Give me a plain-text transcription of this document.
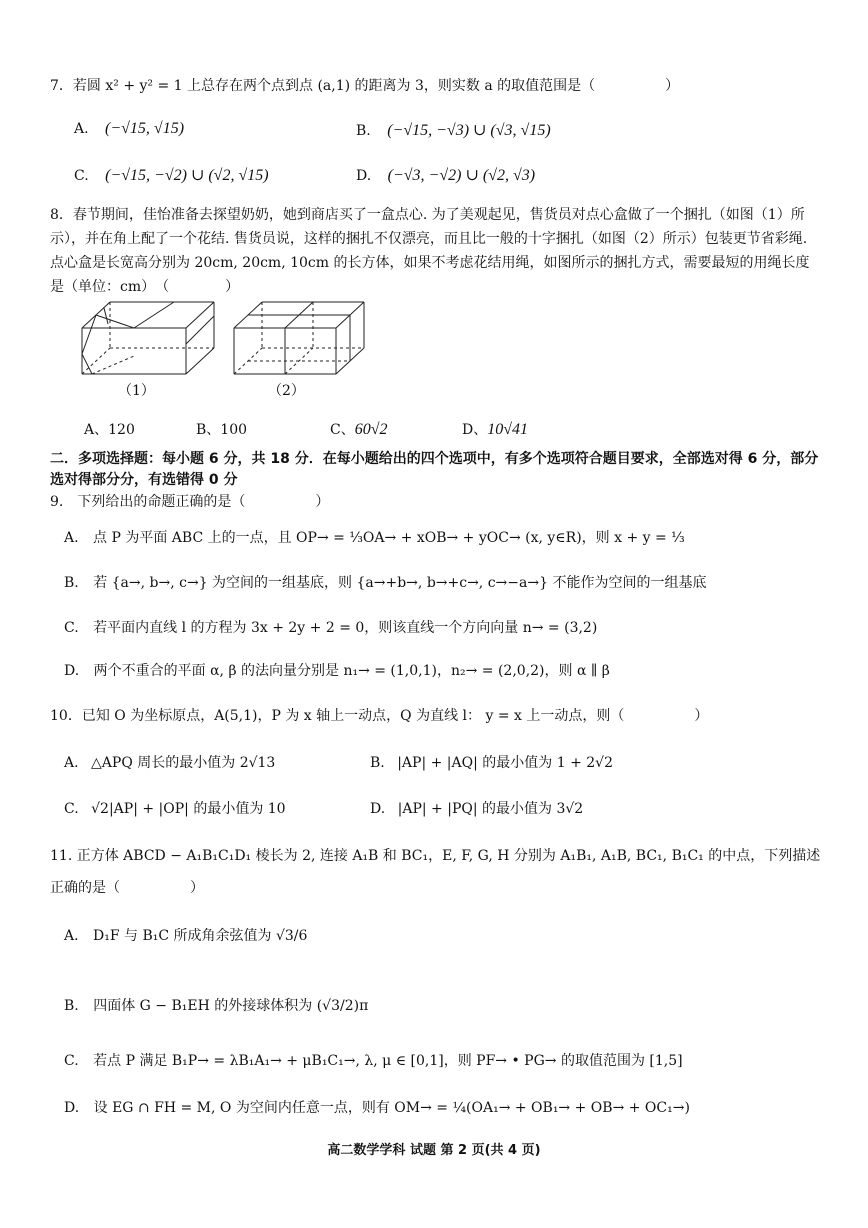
7．若圆 x² + y² = 1 上总存在两个点到点 (a,1) 的距离为 3，则实数 a 的取值范围是（　　　　　）
A. (−√15, √15)	B. (−√15, −√3) ∪ (√3, √15)
C. (−√15, −√2) ∪ (√2, √15)	D. (−√3, −√2) ∪ (√2, √3)
8．春节期间，佳怡准备去探望奶奶，她到商店买了一盒点心. 为了美观起见，售货员对点心盒做了一个捆扎（如图（1）所示），并在角上配了一个花结. 售货员说，这样的捆扎不仅漂亮，而且比一般的十字捆扎（如图（2）所示）包装更节省彩绳. 点心盒是长宽高分别为 20cm, 20cm, 10cm 的长方体，如果不考虑花结用绳，如图所示的捆扎方式，需要最短的用绳长度是（单位：cm）　（　　　　）
（1）	（2）
A、120	B、100	C、60√2	D、10√41
二．多项选择题：每小题 6 分，共 18 分．在每小题给出的四个选项中，有多个选项符合题目要求，全部选对得 6 分，部分选对得部分分，有选错得 0 分
9.　下列给出的命题正确的是（　　　　　）
A. 点 P 为平面 ABC 上的一点，且 OP→ = ⅓OA→ + xOB→ + yOC→ (x, y∈R)，则 x + y = ⅓
B. 若 {a→, b→, c→} 为空间的一组基底，则 {a→+b→, b→+c→, c→−a→} 不能作为空间的一组基底
C. 若平面内直线 l 的方程为 3x + 2y + 2 = 0，则该直线一个方向向量 n→ = (3,2)
D. 两个不重合的平面 α, β 的法向量分别是 n₁→ = (1,0,1)，n₂→ = (2,0,2)，则 α ∥ β
10．已知 O 为坐标原点，A(5,1)，P 为 x 轴上一动点，Q 为直线 l： y = x 上一动点，则（　　　　　）
A. △APQ 周长的最小值为 2√13	B. |AP| + |AQ| 的最小值为 1 + 2√2
C. √2|AP| + |OP| 的最小值为 10	D. |AP| + |PQ| 的最小值为 3√2
11. 正方体 ABCD − A₁B₁C₁D₁ 棱长为 2, 连接 A₁B 和 BC₁，E, F, G, H 分别为 A₁B₁, A₁B, BC₁, B₁C₁ 的中点，下列描述
正确的是（　　　　　）
A. D₁F 与 B₁C 所成角余弦值为 √3/6
B. 四面体 G − B₁EH 的外接球体积为 (√3/2)π
C. 若点 P 满足 B₁P→ = λB₁A₁→ + μB₁C₁→, λ, μ ∈ [0,1]，则 PF→ • PG→ 的取值范围为 [1,5]
D. 设 EG ∩ FH = M, O 为空间内任意一点，则有 OM→ = ¼(OA₁→ + OB₁→ + OB→ + OC₁→)
高二数学学科 试题 第 2 页(共 4 页)
